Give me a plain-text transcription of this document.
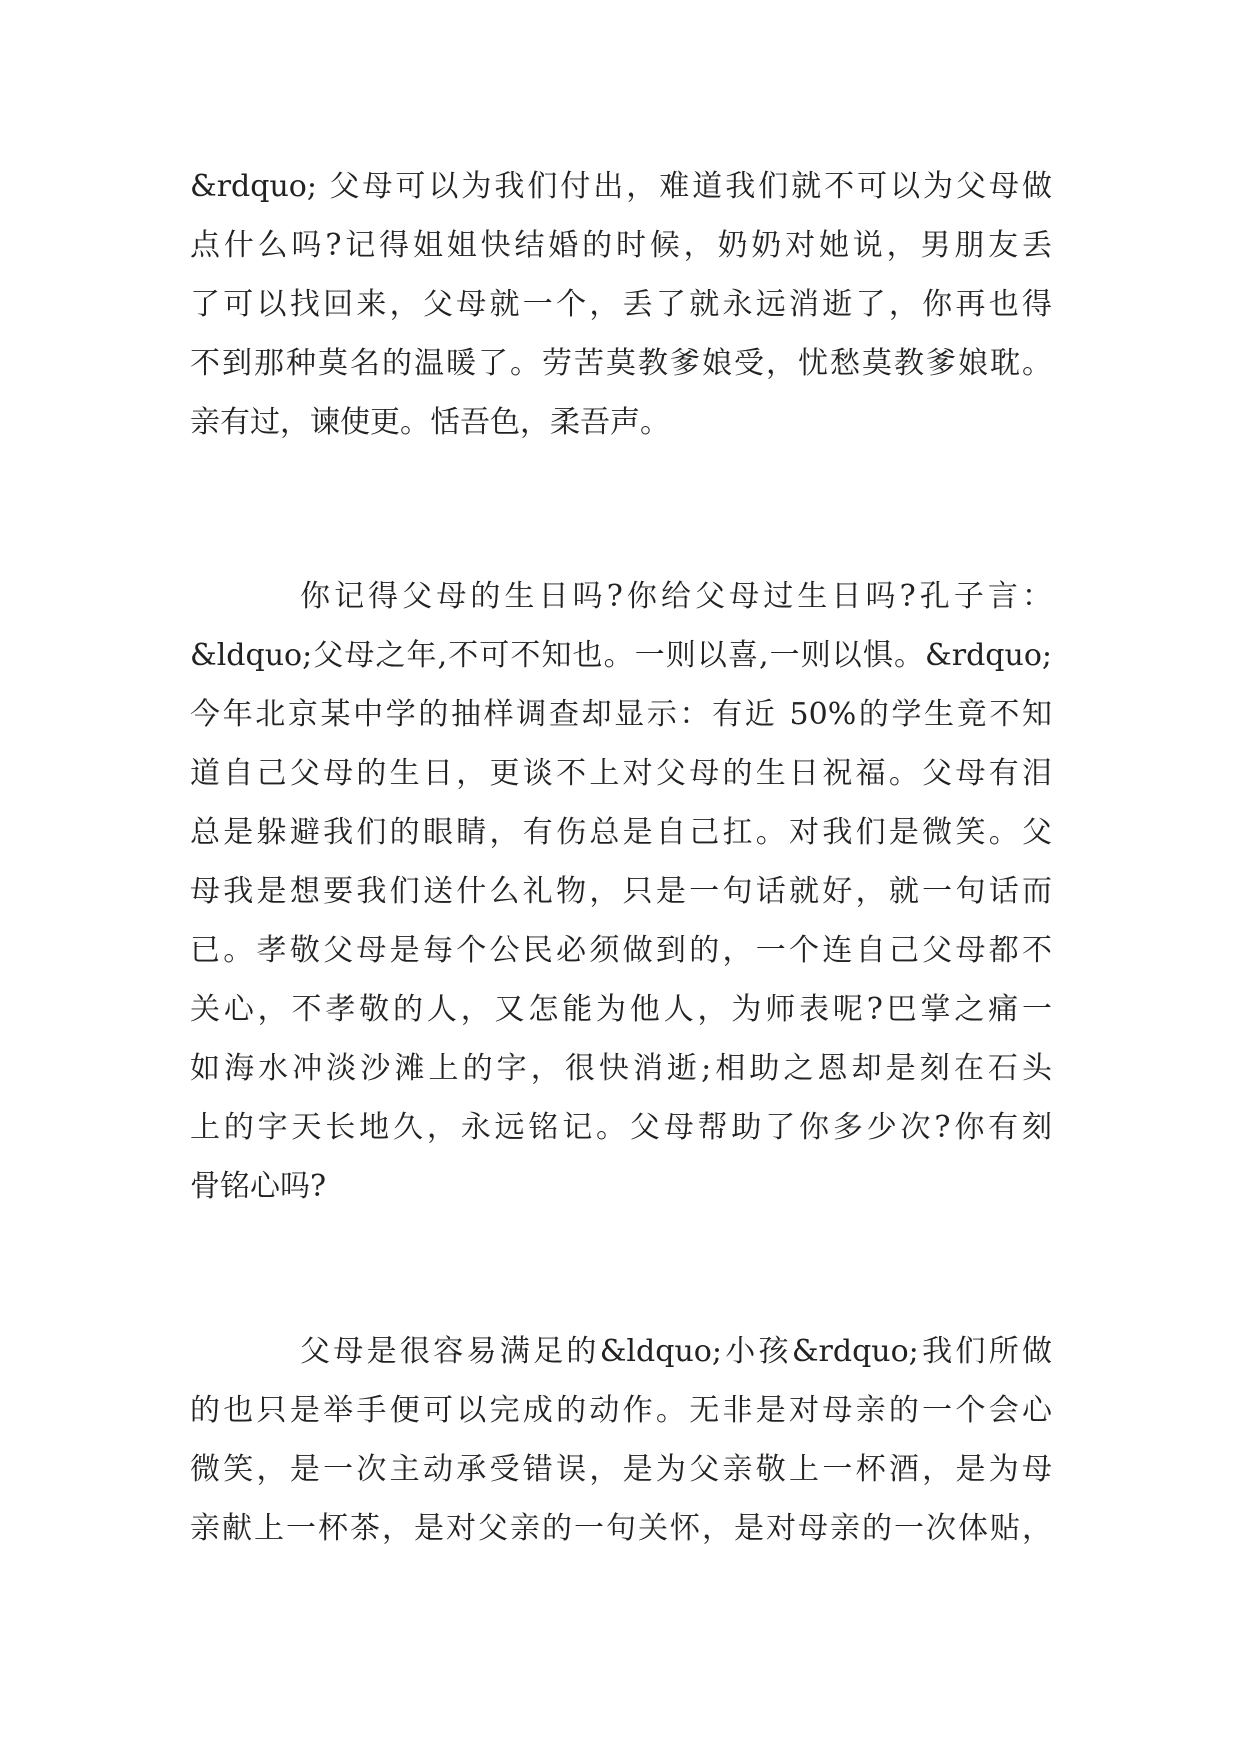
&rdquo; 父母可以为我们付出，难道我们就不可以为父母做
点什么吗?记得姐姐快结婚的时候，奶奶对她说，男朋友丢
了可以找回来，父母就一个，丢了就永远消逝了，你再也得
不到那种莫名的温暖了。劳苦莫教爹娘受，忧愁莫教爹娘耽。
亲有过，谏使更。恬吾色，柔吾声。
你记得父母的生日吗?你给父母过生日吗?孔子言：
&ldquo;父母之年,不可不知也。一则以喜,一则以惧。&rdquo;
今年北京某中学的抽样调查却显示：有近 50%的学生竟不知
道自己父母的生日，更谈不上对父母的生日祝福。父母有泪
总是躲避我们的眼睛，有伤总是自己扛。对我们是微笑。父
母我是想要我们送什么礼物，只是一句话就好，就一句话而
已。孝敬父母是每个公民必须做到的，一个连自己父母都不
关心，不孝敬的人，又怎能为他人，为师表呢?巴掌之痛一
如海水冲淡沙滩上的字，很快消逝;相助之恩却是刻在石头
上的字天长地久，永远铭记。父母帮助了你多少次?你有刻
骨铭心吗?
父母是很容易满足的&ldquo;小孩&rdquo;我们所做
的也只是举手便可以完成的动作。无非是对母亲的一个会心
微笑，是一次主动承受错误，是为父亲敬上一杯酒，是为母
亲献上一杯茶，是对父亲的一句关怀，是对母亲的一次体贴，
